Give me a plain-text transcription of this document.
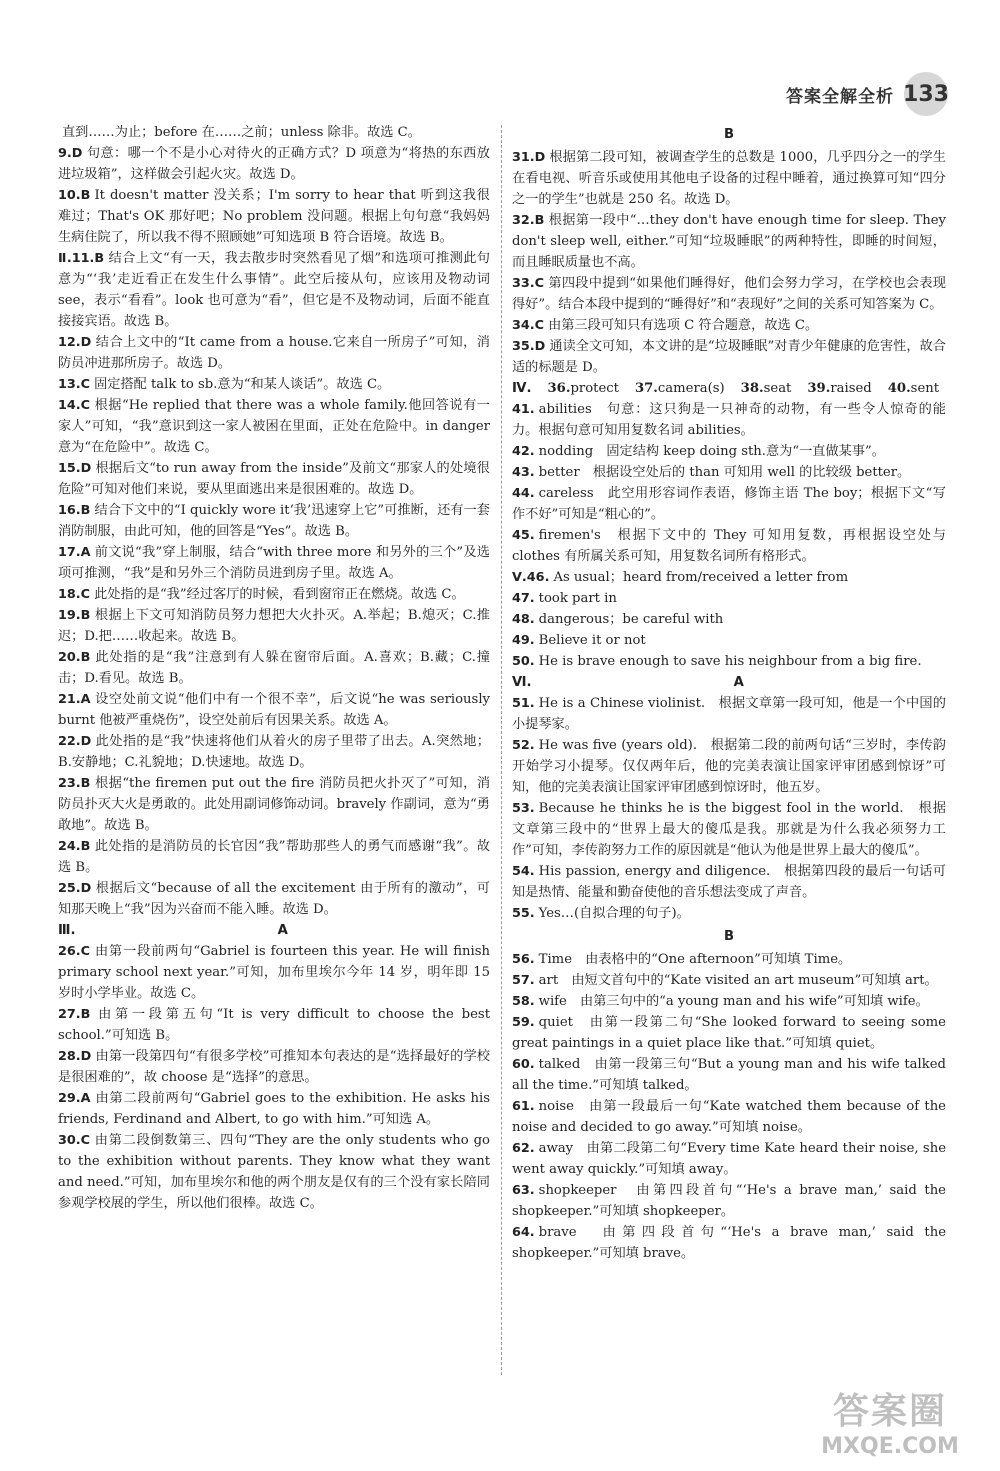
答案全解全析 133
直到……为止；before 在……之前；unless 除非。故选 C。
9.D 句意：哪一个不是小心对待火的正确方式？D 项意为“将热的东西放进垃圾箱”，这样做会引起火灾。故选 D。
10.B It doesn't matter 没关系；I'm sorry to hear that 听到这我很难过；That's OK 那好吧；No problem 没问题。根据上句句意“我妈妈生病住院了，所以我不得不照顾她”可知选项 B 符合语境。故选 B。
Ⅱ.11.B 结合上文“有一天，我去散步时突然看见了烟”和选项可推测此句意为“‘我’走近看正在发生什么事情”。此空后接从句，应该用及物动词 see，表示“看看”。look 也可意为“看”，但它是不及物动词，后面不能直接接宾语。故选 B。
12.D 结合上文中的“It came from a house.它来自一所房子”可知，消防员冲进那所房子。故选 D。
13.C 固定搭配 talk to sb.意为“和某人谈话”。故选 C。
14.C 根据“He replied that there was a whole family.他回答说有一家人”可知，“我”意识到这一家人被困在里面，正处在危险中。in danger 意为“在危险中”。故选 C。
15.D 根据后文“to run away from the inside”及前文“那家人的处境很危险”可知对他们来说，要从里面逃出来是很困难的。故选 D。
16.B 结合下文中的“I quickly wore it‘我’迅速穿上它”可推断，还有一套消防制服，由此可知，他的回答是“Yes”。故选 B。
17.A 前文说“我”穿上制服，结合“with three more 和另外的三个”及选项可推测，“我”是和另外三个消防员进到房子里。故选 A。
18.C 此处指的是“我”经过客厅的时候，看到窗帘正在燃烧。故选 C。
19.B 根据上下文可知消防员努力想把大火扑灭。A.举起；B.熄灭；C.推迟；D.把……收起来。故选 B。
20.B 此处指的是“我”注意到有人躲在窗帘后面。A.喜欢；B.藏；C.撞击；D.看见。故选 B。
21.A 设空处前文说“他们中有一个很不幸”，后文说“he was seriously burnt 他被严重烧伤”，设空处前后有因果关系。故选 A。
22.D 此处指的是“我”快速将他们从着火的房子里带了出去。A.突然地；B.安静地；C.礼貌地；D.快速地。故选 D。
23.B 根据“the firemen put out the fire 消防员把火扑灭了”可知，消防员扑灭大火是勇敢的。此处用副词修饰动词。bravely 作副词，意为“勇敢地”。故选 B。
24.B 此处指的是消防员的长官因“我”帮助那些人的勇气而感谢“我”。故选 B。
25.D 根据后文“because of all the excitement 由于所有的激动”，可知那天晚上“我”因为兴奋而不能入睡。故选 D。
Ⅲ.	A
26.C 由第一段前两句“Gabriel is fourteen this year. He will finish primary school next year.”可知，加布里埃尔今年 14 岁，明年即 15 岁时小学毕业。故选 C。
27.B 由第一段第五句“It is very difficult to choose the best school.”可知选 B。
28.D 由第一段第四句“有很多学校”可推知本句表达的是“选择最好的学校是很困难的”，故 choose 是“选择”的意思。
29.A 由第二段前两句“Gabriel goes to the exhibition. He asks his friends, Ferdinand and Albert, to go with him.”可知选 A。
30.C 由第二段倒数第三、四句“They are the only students who go to the exhibition without parents. They know what they want and need.”可知，加布里埃尔和他的两个朋友是仅有的三个没有家长陪同参观学校展的学生，所以他们很棒。故选 C。
B
31.D 根据第二段可知，被调查学生的总数是 1000，几乎四分之一的学生在看电视、听音乐或使用其他电子设备的过程中睡着，通过换算可知“四分之一的学生”也就是 250 名。故选 D。
32.B 根据第一段中“…they don't have enough time for sleep. They don't sleep well, either.”可知“垃圾睡眠”的两种特性，即睡的时间短，而且睡眠质量也不高。
33.C 第四段中提到“如果他们睡得好，他们会努力学习，在学校也会表现得好”。结合本段中提到的“睡得好”和“表现好”之间的关系可知答案为 C。
34.C 由第三段可知只有选项 C 符合题意，故选 C。
35.D 通读全文可知，本文讲的是“垃圾睡眠”对青少年健康的危害性，故合适的标题是 D。
Ⅳ. 36.protect 37.camera(s) 38.seat 39.raised 40.sent
41. abilities　句意：这只狗是一只神奇的动物，有一些令人惊奇的能力。根据句意可知用复数名词 abilities。
42. nodding　固定结构 keep doing sth.意为“一直做某事”。
43. better　根据设空处后的 than 可知用 well 的比较级 better。
44. careless　此空用形容词作表语，修饰主语 The boy；根据下文“写作不好”可知是“粗心的”。
45. firemen's　根据下文中的 They 可知用复数，再根据设空处与 clothes 有所属关系可知，用复数名词所有格形式。
Ⅴ.46. As usual；heard from/received a letter from
47. took part in
48. dangerous；be careful with
49. Believe it or not
50. He is brave enough to save his neighbour from a big fire.
Ⅵ.	A
51. He is a Chinese violinist.　根据文章第一段可知，他是一个中国的小提琴家。
52. He was five (years old).　根据第二段的前两句话“三岁时，李传韵开始学习小提琴。仅仅两年后，他的完美表演让国家评审团感到惊讶”可知，他的完美表演让国家评审团感到惊讶时，他五岁。
53. Because he thinks he is the biggest fool in the world.　根据文章第三段中的“世界上最大的傻瓜是我。那就是为什么我必须努力工作”可知，李传韵努力工作的原因就是“他认为他是世界上最大的傻瓜”。
54. His passion, energy and diligence.　根据第四段的最后一句话可知是热情、能量和勤奋使他的音乐想法变成了声音。
55. Yes…(自拟合理的句子)。
B
56. Time　由表格中的“One afternoon”可知填 Time。
57. art　由短文首句中的“Kate visited an art museum”可知填 art。
58. wife　由第三句中的“a young man and his wife”可知填 wife。
59. quiet　由第一段第二句“She looked forward to seeing some great paintings in a quiet place like that.”可知填 quiet。
60. talked　由第一段第三句“But a young man and his wife talked all the time.”可知填 talked。
61. noise　由第一段最后一句“Kate watched them because of the noise and decided to go away.”可知填 noise。
62. away　由第二段第二句“Every time Kate heard their noise, she went away quickly.”可知填 away。
63. shopkeeper　由第四段首句“‘He's a brave man,’ said the shopkeeper.”可知填 shopkeeper。
64. brave　由第四段首句“‘He's a brave man,’ said the shopkeeper.”可知填 brave。
答案圈
MXQE.COM
